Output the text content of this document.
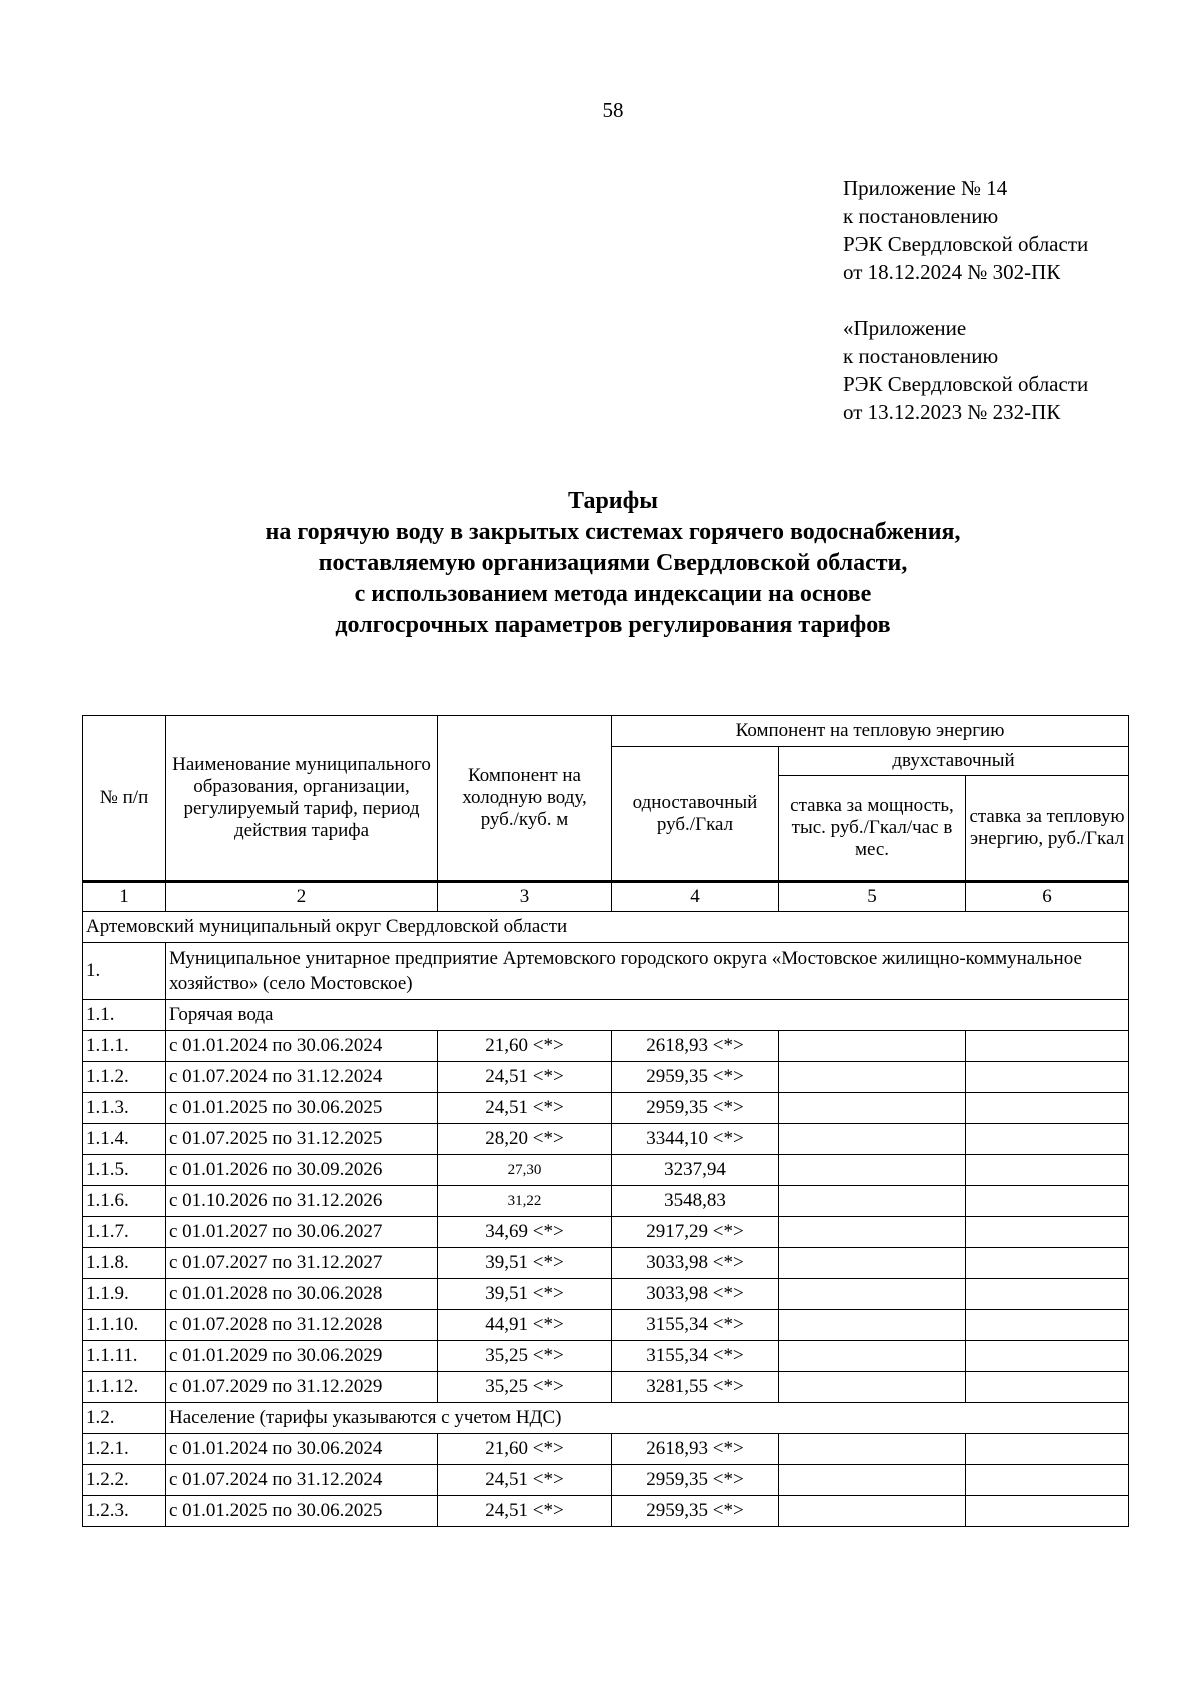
58
Приложение № 14
к постановлению
РЭК Свердловской области
от 18.12.2024 № 302-ПК
«Приложение
к постановлению
РЭК Свердловской области
от 13.12.2023 № 232-ПК
Тарифы
на горячую воду в закрытых системах горячего водоснабжения,
поставляемую организациями Свердловской области,
с использованием метода индексации на основе
долгосрочных параметров регулирования тарифов
№ п/п	Наименование муниципального образования, организации, регулируемый тариф, период действия тарифа	Компонент на холодную воду, руб./куб. м	Компонент на тепловую энергию		
			одноставочный руб./Гкал	двухставочный	
				ставка за мощность, тыс. руб./Гкал/час в мес.	ставка за тепловую энергию, руб./Гкал
1	2	3	4	5	6
Артемовский муниципальный округ Свердловской области					
1.	Муниципальное унитарное предприятие Артемовского городского округа «Мостовское жилищно-коммунальное хозяйство» (село Мостовское)				
1.1.	Горячая вода				
1.1.1.	с 01.01.2024 по 30.06.2024	21,60 <*>	2618,93 <*>		
1.1.2.	с 01.07.2024 по 31.12.2024	24,51 <*>	2959,35 <*>		
1.1.3.	с 01.01.2025 по 30.06.2025	24,51 <*>	2959,35 <*>		
1.1.4.	с 01.07.2025 по 31.12.2025	28,20 <*>	3344,10 <*>		
1.1.5.	с 01.01.2026 по 30.09.2026	27,30	3237,94		
1.1.6.	с 01.10.2026 по 31.12.2026	31,22	3548,83		
1.1.7.	с 01.01.2027 по 30.06.2027	34,69 <*>	2917,29 <*>		
1.1.8.	с 01.07.2027 по 31.12.2027	39,51 <*>	3033,98 <*>		
1.1.9.	с 01.01.2028 по 30.06.2028	39,51 <*>	3033,98 <*>		
1.1.10.	с 01.07.2028 по 31.12.2028	44,91 <*>	3155,34 <*>		
1.1.11.	с 01.01.2029 по 30.06.2029	35,25 <*>	3155,34 <*>		
1.1.12.	с 01.07.2029 по 31.12.2029	35,25 <*>	3281,55 <*>		
1.2.	Население (тарифы указываются с учетом НДС)				
1.2.1.	с 01.01.2024 по 30.06.2024	21,60 <*>	2618,93 <*>		
1.2.2.	с 01.07.2024 по 31.12.2024	24,51 <*>	2959,35 <*>		
1.2.3.	с 01.01.2025 по 30.06.2025	24,51 <*>	2959,35 <*>		
